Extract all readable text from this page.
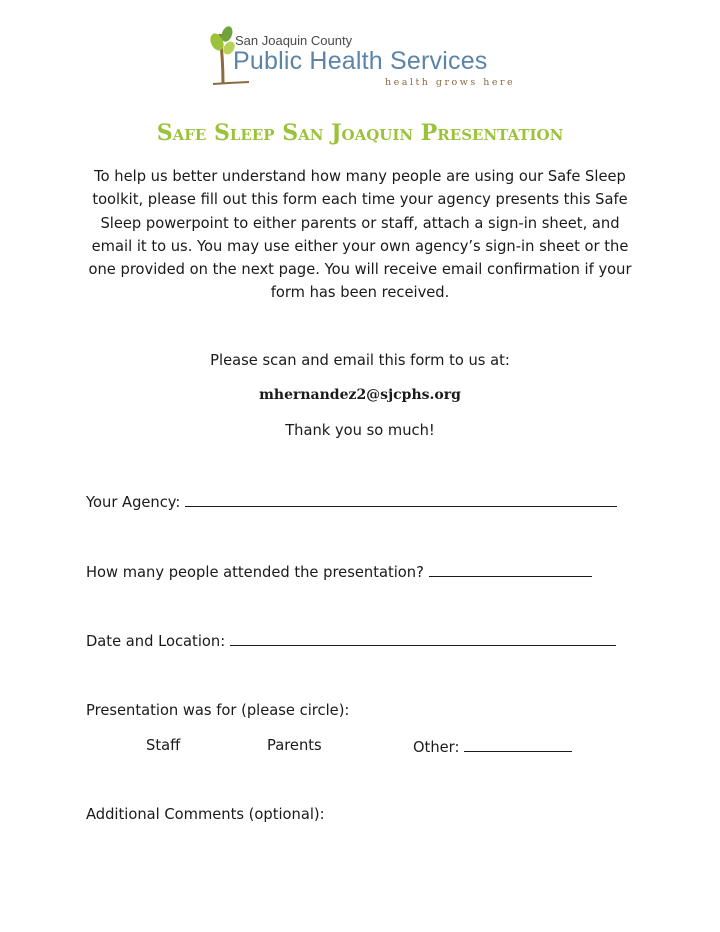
San Joaquin County
Public Health Services
health grows here
Safe Sleep San Joaquin Presentation
To help us better understand how many people are using our Safe Sleep toolkit, please fill out this form each time your agency presents this Safe Sleep powerpoint to either parents or staff, attach a sign-in sheet, and email it to us. You may use either your own agency’s sign-in sheet or the one provided on the next page. You will receive email confirmation if your form has been received.
Please scan and email this form to us at:
mhernandez2@sjcphs.org
Thank you so much!
Your Agency:
How many people attended the presentation?
Date and Location:
Presentation was for (please circle):
Staff	Parents	Other:
Additional Comments (optional):
